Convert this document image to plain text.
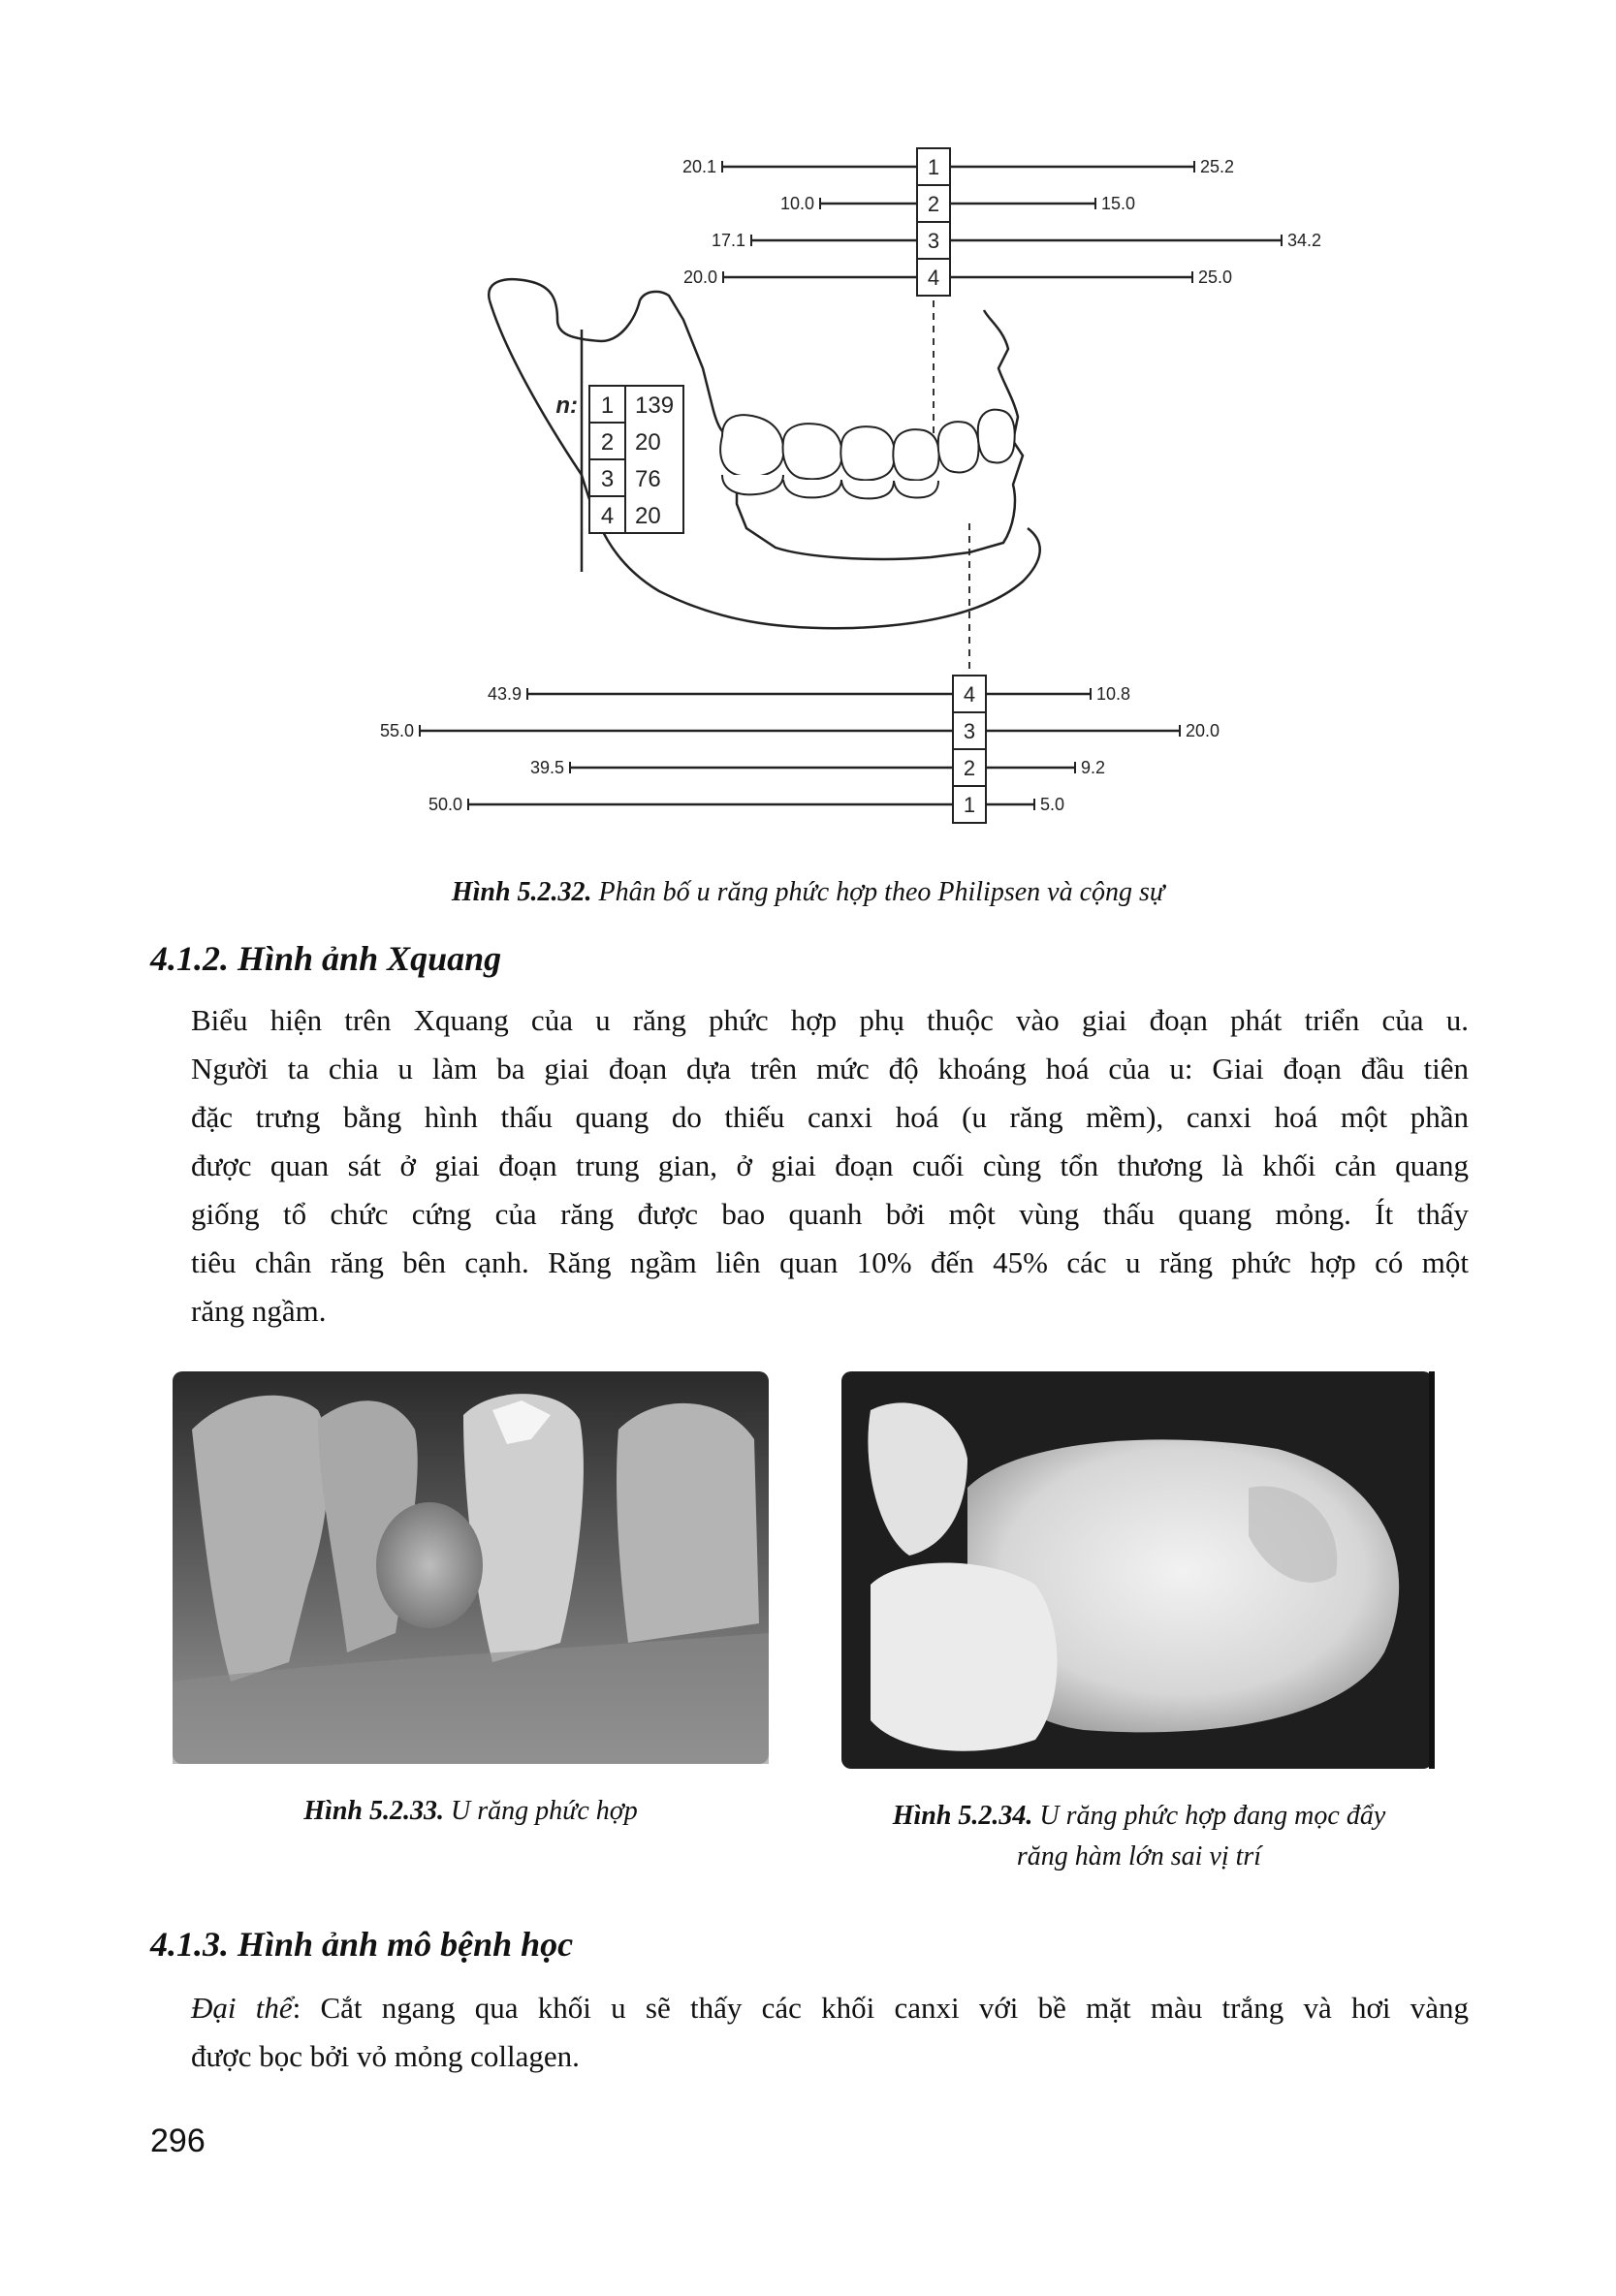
1
20.1	25.2
2
10.0	15.0
3
17.1	34.2
4
20.0	25.0
n: 1 139
2 20
3 76
4 20
4
43.9	10.8
3
55.0	20.0
2
39.5	9.2
1
50.0	5.0
Hình 5.2.32. Phân bố u răng phức hợp theo Philipsen và cộng sự
4.1.2. Hình ảnh Xquang
Biểu hiện trên Xquang của u răng phức hợp phụ thuộc vào giai đoạn phát triển của u.
Người ta chia u làm ba giai đoạn dựa trên mức độ khoáng hoá của u: Giai đoạn đầu tiên
đặc trưng bằng hình thấu quang do thiếu canxi hoá (u răng mềm), canxi hoá một phần
được quan sát ở giai đoạn trung gian, ở giai đoạn cuối cùng tổn thương là khối cản quang
giống tổ chức cứng của răng được bao quanh bởi một vùng thấu quang mỏng. Ít thấy
tiêu chân răng bên cạnh. Răng ngầm liên quan 10% đến 45% các u răng phức hợp có một
răng ngầm.
Hình 5.2.33. U răng phức hợp	Hình 5.2.34. U răng phức hợp đang mọc đẩy
răng hàm lớn sai vị trí
4.1.3. Hình ảnh mô bệnh học
Đại thể: Cắt ngang qua khối u sẽ thấy các khối canxi với bề mặt màu trắng và hơi vàng
được bọc bởi vỏ mỏng collagen.
296
